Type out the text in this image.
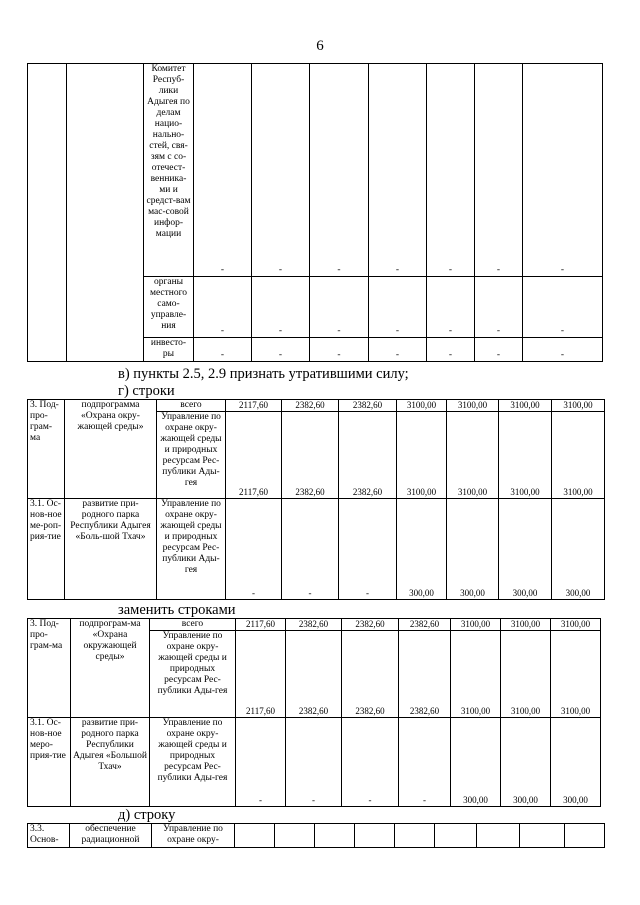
6
		Комитет Респуб-лики Адыгея по делам нацио-нально-стей, свя-зям с со-отечест-венника-ми и средст-вам мас-совой инфор-мации	-	-	-	-	-	-	-
		органы местного само-управле-ния	-	-	-	-	-	-	-
		инвесто-ры	-	-	-	-	-	-	-
в) пункты 2.5, 2.9 признать утратившими силу;
г) строки
3. Под-про-грам-ма	подпрограмма «Охрана окру-жающей среды»	всего	2117,60	2382,60	2382,60	3100,00	3100,00	3100,00	3100,00
		Управление по охране окру-жающей среды и природных ресурсам Рес-публики Ады-гея	2117,60	2382,60	2382,60	3100,00	3100,00	3100,00	3100,00
3.1. Ос-нов-ное ме-роп-рия-тие	развитие при-родного парка Республики Адыгея «Боль-шой Тхач»	Управление по охране окру-жающей среды и природных ресурсам Рес-публики Ады-гея	-	-	-	300,00	300,00	300,00	300,00
заменить строками
3. Под-про-грам-ма	подпрограм-ма «Охрана окружающей среды»	всего	2117,60	2382,60	2382,60	2382,60	3100,00	3100,00	3100,00
		Управление по охране окру-жающей среды и природных ресурсам Рес-публики Ады-гея	2117,60	2382,60	2382,60	2382,60	3100,00	3100,00	3100,00
3.1. Ос-нов-ное меро-прия-тие	развитие при-родного парка Республики Адыгея «Большой Тхач»	Управление по охране окру-жающей среды и природных ресурсам Рес-публики Ады-гея	-	-	-	-	300,00	300,00	300,00
д) строку
3.3. Основ-	обеспечение радиационной	Управление по охране окру-									
